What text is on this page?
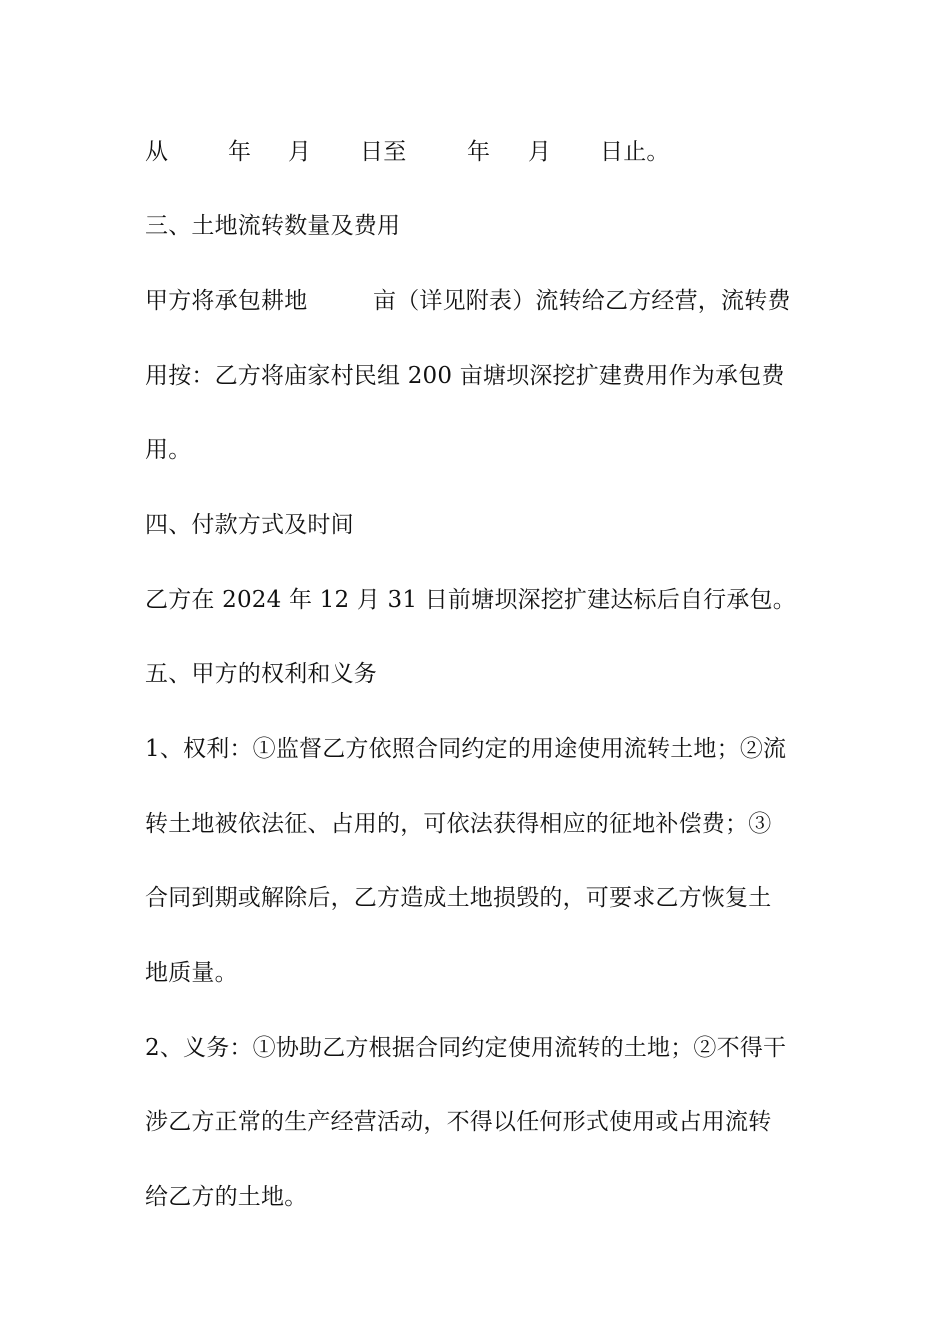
从

	年

月

日至

	年

月

日止。

三、土地流转数量及费用

甲方将承包耕地

	亩（详见附表）流转给乙方经营，流转费

用按：乙方将庙家村民组 200 亩塘坝深挖扩建费用作为承包费
用。
四、付款方式及时间
乙方在 2024 年 12 月 31 日前塘坝深挖扩建达标后自行承包。
五、甲方的权利和义务
1、权利：①监督乙方依照合同约定的用途使用流转土地；②流
转土地被依法征、占用的，可依法获得相应的征地补偿费；③
合同到期或解除后，乙方造成土地损毁的，可要求乙方恢复土
地质量。
2、义务：①协助乙方根据合同约定使用流转的土地；②不得干
涉乙方正常的生产经营活动，不得以任何形式使用或占用流转
给乙方的土地。
